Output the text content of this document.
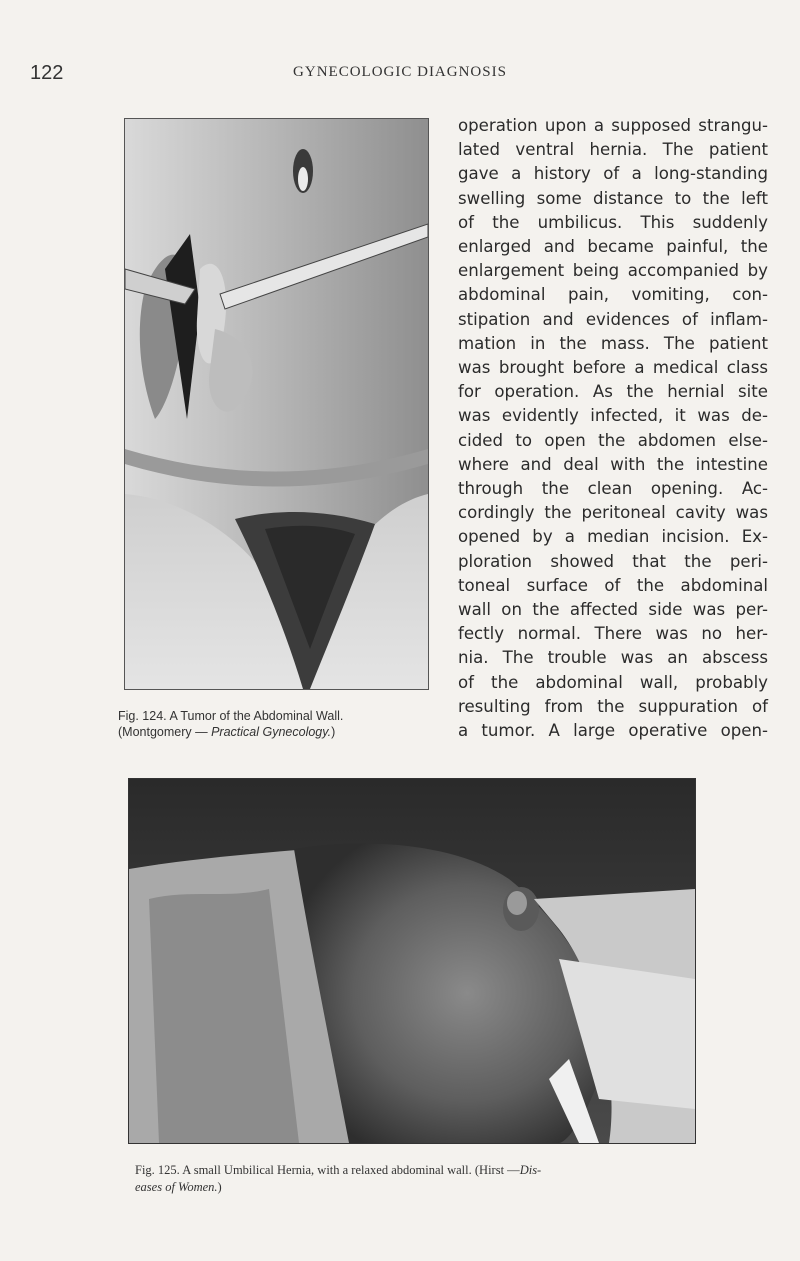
122	GYNECOLOGIC DIAGNOSIS
Fig. 124. A Tumor of the Abdominal Wall.
(Montgomery — Practical Gynecology.)
operation upon a supposed strangu-
lated ventral hernia. The patient
gave a history of a long-standing
swelling some distance to the left
of the umbilicus. This suddenly
enlarged and became painful, the
enlargement being accompanied by
abdominal pain, vomiting, con-
stipation and evidences of inflam-
mation in the mass. The patient
was brought before a medical class
for operation. As the hernial site
was evidently infected, it was de-
cided to open the abdomen else-
where and deal with the intestine
through the clean opening. Ac-
cordingly the peritoneal cavity was
opened by a median incision. Ex-
ploration showed that the peri-
toneal surface of the abdominal
wall on the affected side was per-
fectly normal. There was no her-
nia. The trouble was an abscess
of the abdominal wall, probably
resulting from the suppuration of
a tumor. A large operative open-
Fig. 125. A small Umbilical Hernia, with a relaxed abdominal wall. (Hirst —Dis-
eases of Women.)
